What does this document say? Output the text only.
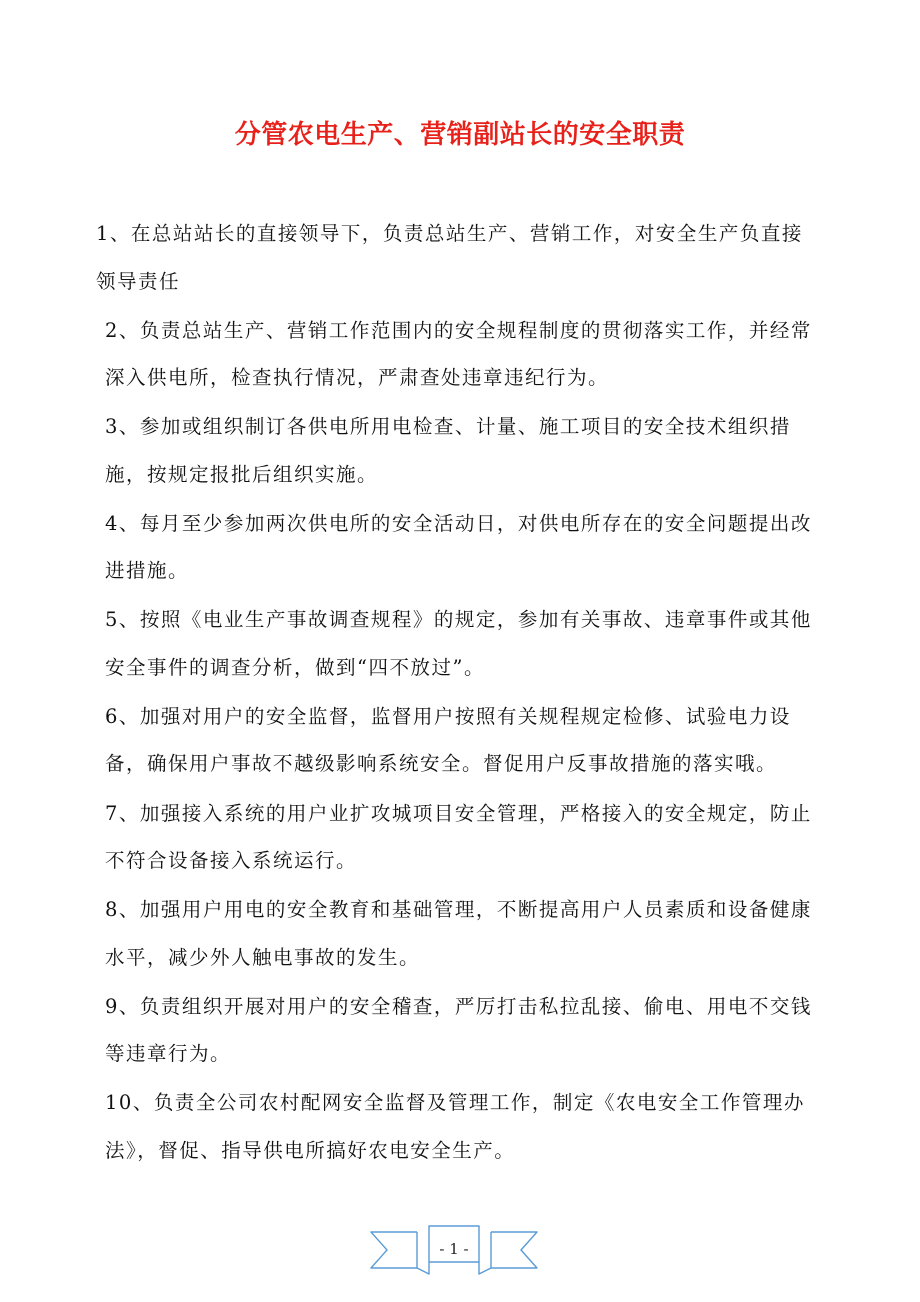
分管农电生产、营销副站长的安全职责

1、在总站站长的直接领导下，负责总站生产、营销工作，对安全生产负直接领导责任

2、负责总站生产、营销工作范围内的安全规程制度的贯彻落实工作，并经常深入供电所，检查执行情况，严肃查处违章违纪行为。

3、参加或组织制订各供电所用电检查、计量、施工项目的安全技术组织措施，按规定报批后组织实施。

4、每月至少参加两次供电所的安全活动日，对供电所存在的安全问题提出改进措施。

5、按照《电业生产事故调查规程》的规定，参加有关事故、违章事件或其他安全事件的调查分析，做到“四不放过”。

6、加强对用户的安全监督，监督用户按照有关规程规定检修、试验电力设备，确保用户事故不越级影响系统安全。督促用户反事故措施的落实哦。

7、加强接入系统的用户业扩攻城项目安全管理，严格接入的安全规定，防止不符合设备接入系统运行。

8、加强用户用电的安全教育和基础管理，不断提高用户人员素质和设备健康水平，减少外人触电事故的发生。

9、负责组织开展对用户的安全稽查，严厉打击私拉乱接、偷电、用电不交钱等违章行为。

10、负责全公司农村配网安全监督及管理工作，制定《农电安全工作管理办法》，督促、指导供电所搞好农电安全生产。

- 1 -
